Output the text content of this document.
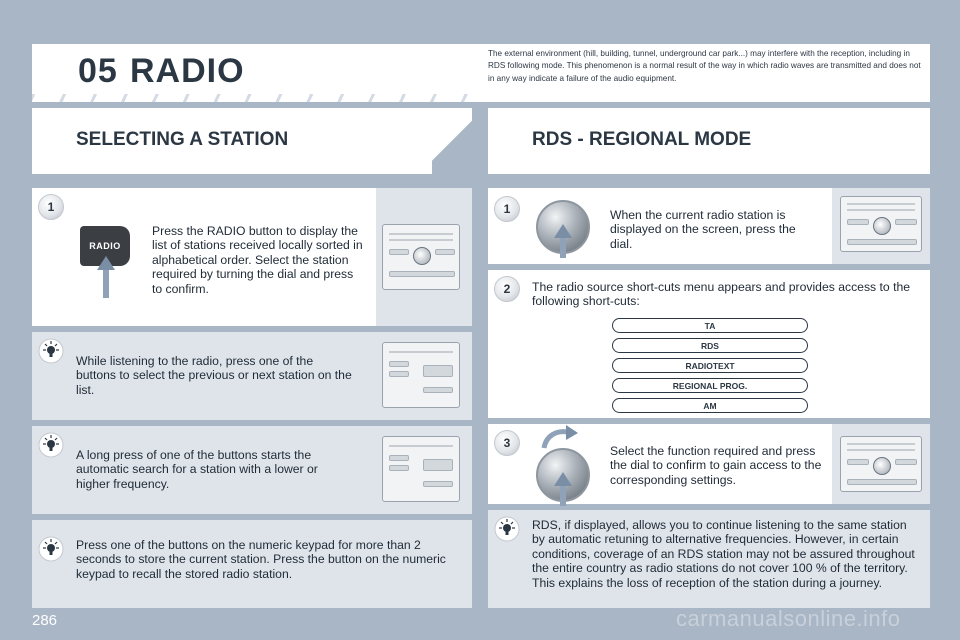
05 RADIO	The external environment (hill, building, tunnel, underground car park...) may interfere with the reception, including in RDS following mode. This phenomenon is a normal result of the way in which radio waves are transmitted and does not in any way indicate a failure of the audio equipment.
SELECTING A STATION	RDS - REGIONAL MODE
1
RADIO
Press the RADIO button to display the list of stations received locally sorted in alphabetical order. Select the station required by turning the dial and press to confirm.
While listening to the radio, press one of the buttons to select the previous or next station on the list.
A long press of one of the buttons starts the automatic search for a station with a lower or higher frequency.
Press one of the buttons on the numeric keypad for more than 2 seconds to store the current station. Press the button on the numeric keypad to recall the stored radio station.
1	When the current radio station is displayed on the screen, press the dial.
2	The radio source short-cuts menu appears and provides access to the following short-cuts:
TA
RDS
RADIOTEXT
REGIONAL PROG.
AM
3
Select the function required and press the dial to confirm to gain access to the corresponding settings.
RDS, if displayed, allows you to continue listening to the same station by automatic retuning to alternative frequencies. However, in certain conditions, coverage of an RDS station may not be assured throughout the entire country as radio stations do not cover 100 % of the territory. This explains the loss of reception of the station during a journey.
286	carmanualsonline.info
